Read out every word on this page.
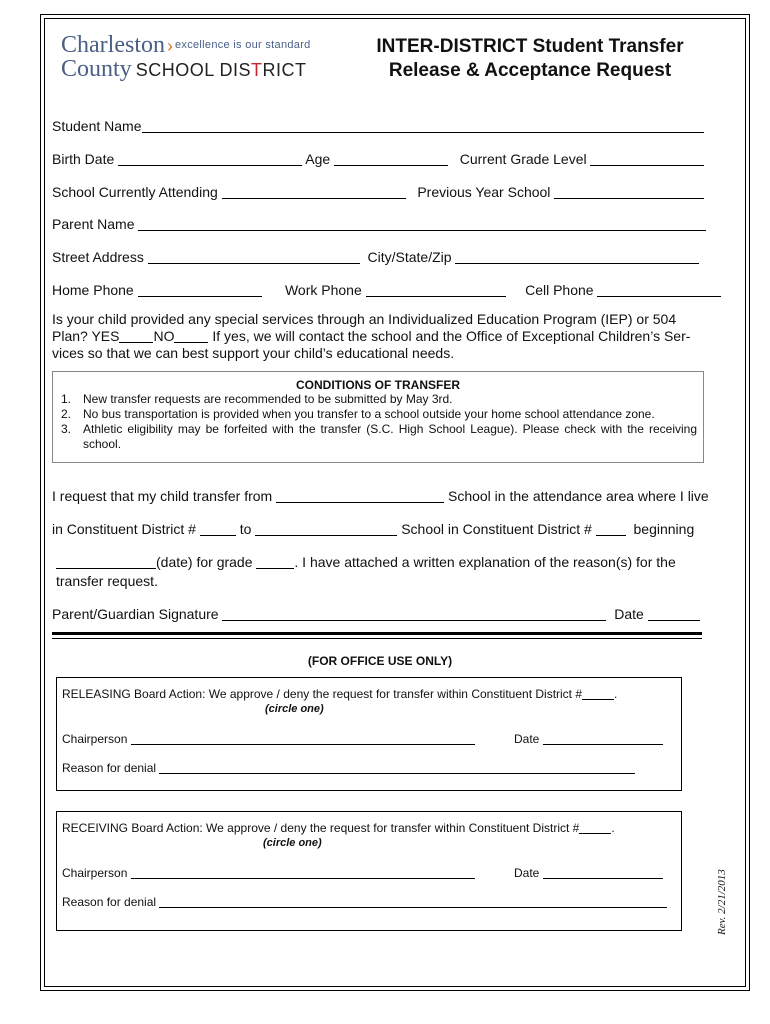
Charleston › excellence is our standard
County SCHOOL DISTRICT
INTER-DISTRICT Student Transfer
Release & Acceptance Request
Student Name
Birth Date	Age	Current Grade Level
School Currently Attending	Previous Year School
Parent Name
Street Address	City/State/Zip
Home Phone	Work Phone	Cell Phone
Is your child provided any special services through an Individualized Education Program (IEP) or 504
Plan? YES NO If yes, we will contact the school and the Office of Exceptional Children’s Ser-
vices so that we can best support your child’s educational needs.
CONDITIONS OF TRANSFER
1. New transfer requests are recommended to be submitted by May 3rd.
2. No bus transportation is provided when you transfer to a school outside your home school attendance zone.
3. Athletic eligibility may be forfeited with the transfer (S.C. High School League). Please check with the receiving school.
I request that my child transfer from	School in the attendance area where I live
in Constituent District #	to	School in Constituent District #	beginning
(date) for grade	. I have attached a written explanation of the reason(s) for the
transfer request.
Parent/Guardian Signature	Date
(FOR OFFICE USE ONLY)
RELEASING Board Action: We approve / deny the request for transfer within Constituent District #	.
(circle one)
Chairperson	Date
Reason for denial
RECEIVING Board Action: We approve / deny the request for transfer within Constituent District #	.
(circle one)
Chairperson	Date
Reason for denial	Rev. 2/21/2013
